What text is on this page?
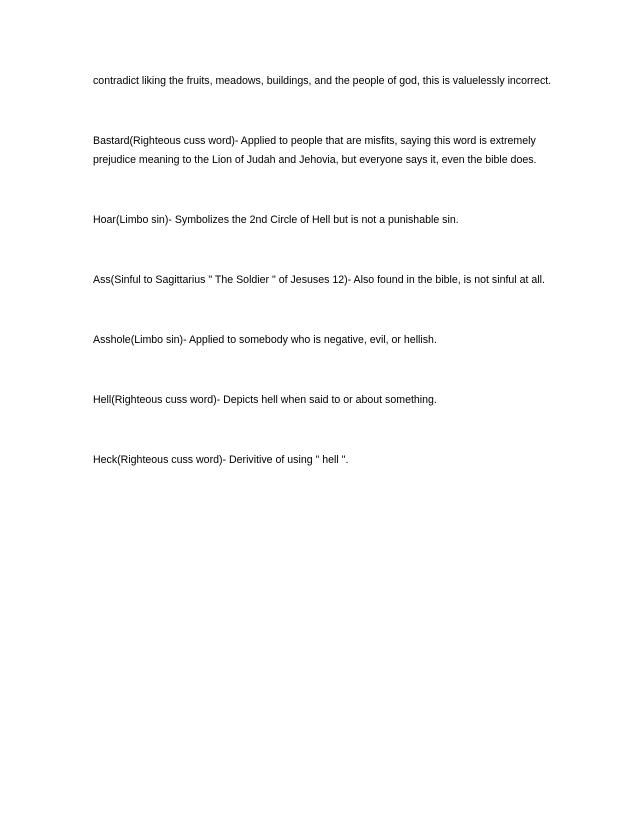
contradict liking the fruits, meadows, buildings, and the people of god, this is valuelessly incorrect.

Bastard(Righteous cuss word)- Applied to people that are misfits, saying this word is extremely prejudice meaning to the Lion of Judah and Jehovia, but everyone says it, even the bible does.

Hoar(Limbo sin)- Symbolizes the 2nd Circle of Hell but is not a punishable sin.

Ass(Sinful to Sagittarius " The Soldier " of Jesuses 12)- Also found in the bible, is not sinful at all.

Asshole(Limbo sin)- Applied to somebody who is negative, evil, or hellish.

Hell(Righteous cuss word)- Depicts hell when said to or about something.

Heck(Righteous cuss word)- Derivitive of using " hell ".
